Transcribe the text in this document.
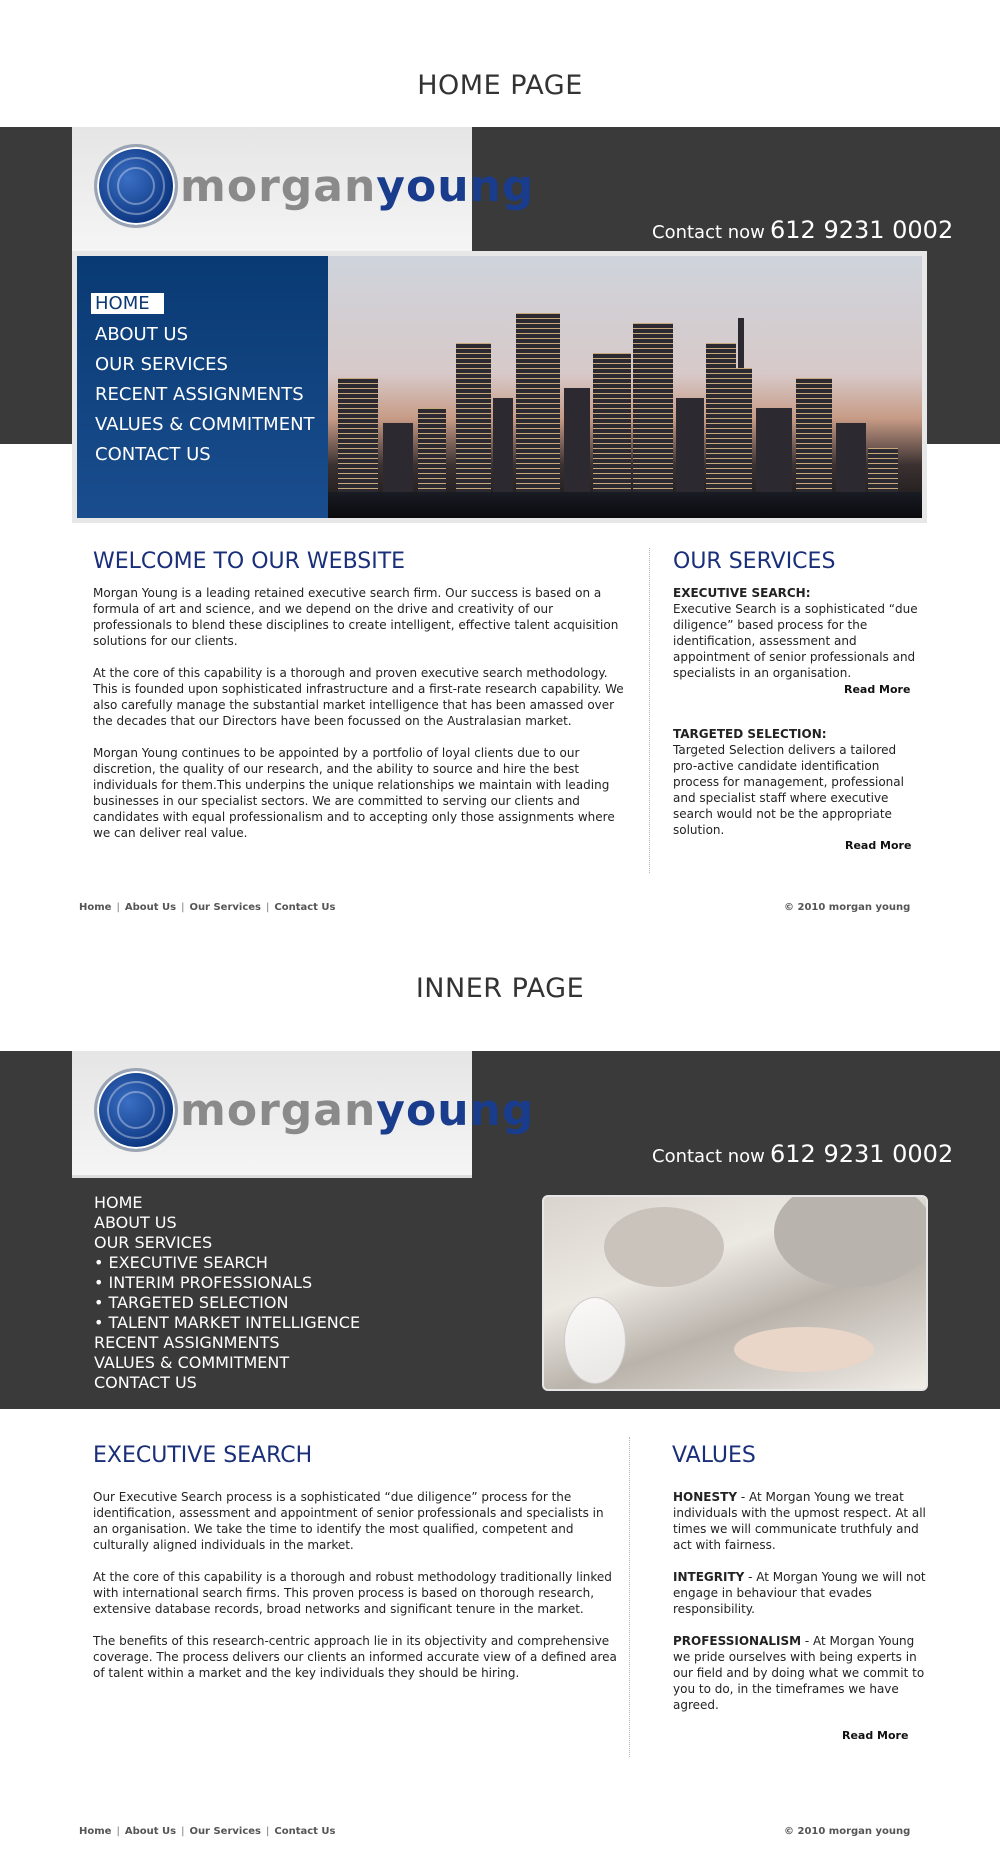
HOME PAGE
morganyoung
Contact now 612 9231 0002
HOME
ABOUT US
OUR SERVICES
RECENT ASSIGNMENTS
VALUES & COMMITMENT
CONTACT US
WELCOME TO OUR WEBSITE
Morgan Young is a leading retained executive search firm. Our success is based on a formula of art and science, and we depend on the drive and creativity of our professionals to blend these disciplines to create intelligent, effective talent acquisition solutions for our clients.
At the core of this capability is a thorough and proven executive search methodology. This is founded upon sophisticated infrastructure and a first-rate research capability. We also carefully manage the substantial market intelligence that has been amassed over the decades that our Directors have been focussed on the Australasian market.
Morgan Young continues to be appointed by a portfolio of loyal clients due to our discretion, the quality of our research, and the ability to source and hire the best individuals for them.This underpins the unique relationships we maintain with leading businesses in our specialist sectors. We are committed to serving our clients and candidates with equal professionalism and to accepting only those assignments where we can deliver real value.
OUR SERVICES
EXECUTIVE SEARCH:
Executive Search is a sophisticated “due diligence” based process for the identification, assessment and appointment of senior professionals and specialists in an organisation.
Read More
TARGETED SELECTION:
Targeted Selection delivers a tailored pro-active candidate identification process for management, professional and specialist staff where executive search would not be the appropriate solution.
Read More
Home | About Us | Our Services | Contact Us	© 2010 morgan young
INNER PAGE
morganyoung
Contact now 612 9231 0002
HOME
ABOUT US
OUR SERVICES
• EXECUTIVE SEARCH
• INTERIM PROFESSIONALS
• TARGETED SELECTION
• TALENT MARKET INTELLIGENCE
RECENT ASSIGNMENTS
VALUES & COMMITMENT
CONTACT US
EXECUTIVE SEARCH
Our Executive Search process is a sophisticated “due diligence” process for the identification, assessment and appointment of senior professionals and specialists in an organisation. We take the time to identify the most qualified, competent and culturally aligned individuals in the market.
At the core of this capability is a thorough and robust methodology traditionally linked with international search firms. This proven process is based on thorough research, extensive database records, broad networks and significant tenure in the market.
The benefits of this research-centric approach lie in its objectivity and comprehensive coverage. The process delivers our clients an informed accurate view of a defined area of talent within a market and the key individuals they should be hiring.
VALUES
HONESTY - At Morgan Young we treat individuals with the upmost respect. At all times we will communicate truthfuly and act with fairness.
INTEGRITY - At Morgan Young we will not engage in behaviour that evades responsibility.
PROFESSIONALISM - At Morgan Young we pride ourselves with being experts in our field and by doing what we commit to you to do, in the timeframes we have agreed.
Read More
Home | About Us | Our Services | Contact Us	© 2010 morgan young
